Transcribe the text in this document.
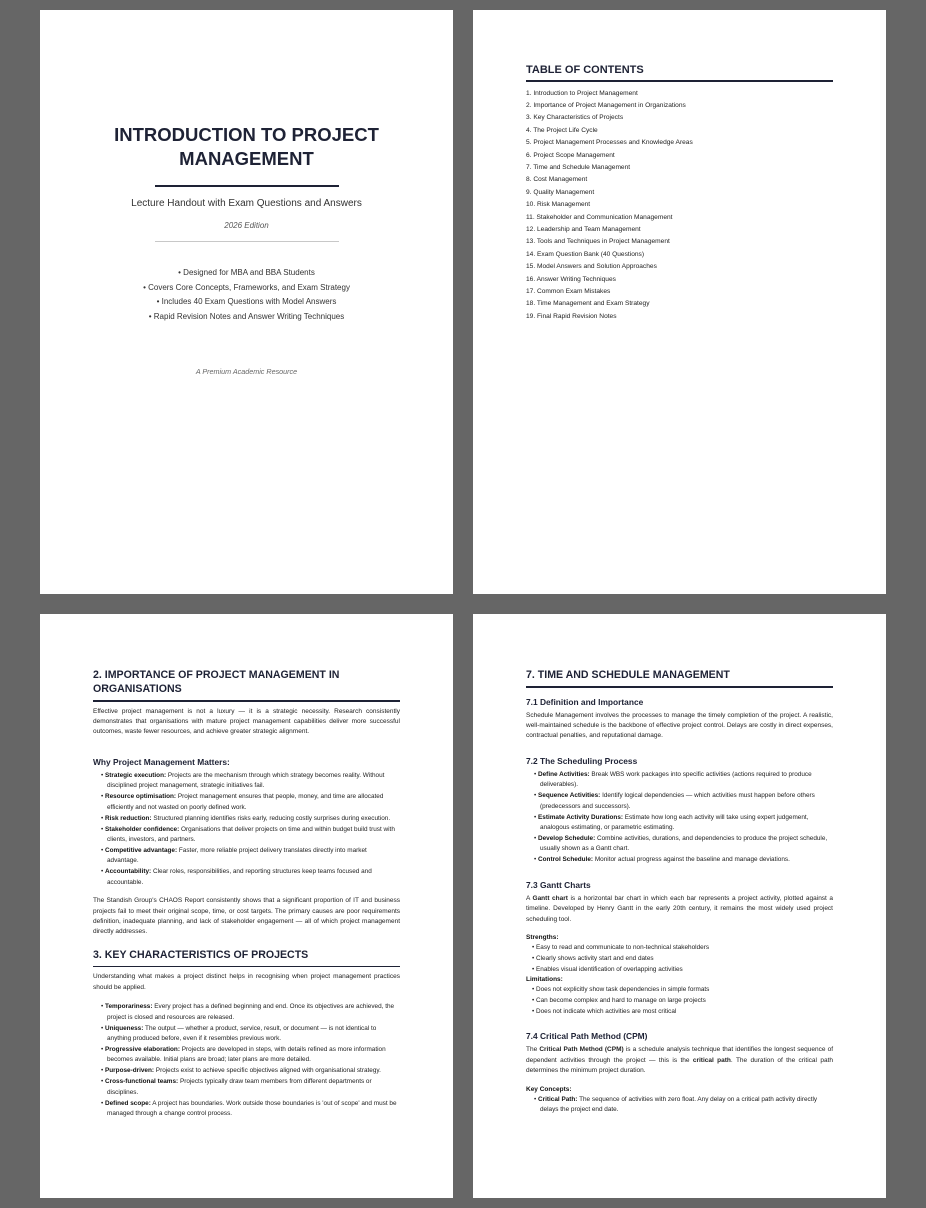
INTRODUCTION TO PROJECT MANAGEMENT
Lecture Handout with Exam Questions and Answers
2026 Edition
• Designed for MBA and BBA Students
• Covers Core Concepts, Frameworks, and Exam Strategy
• Includes 40 Exam Questions with Model Answers
• Rapid Revision Notes and Answer Writing Techniques
A Premium Academic Resource
TABLE OF CONTENTS
1. Introduction to Project Management
2. Importance of Project Management in Organizations
3. Key Characteristics of Projects
4. The Project Life Cycle
5. Project Management Processes and Knowledge Areas
6. Project Scope Management
7. Time and Schedule Management
8. Cost Management
9. Quality Management
10. Risk Management
11. Stakeholder and Communication Management
12. Leadership and Team Management
13. Tools and Techniques in Project Management
14. Exam Question Bank (40 Questions)
15. Model Answers and Solution Approaches
16. Answer Writing Techniques
17. Common Exam Mistakes
18. Time Management and Exam Strategy
19. Final Rapid Revision Notes
2. IMPORTANCE OF PROJECT MANAGEMENT IN ORGANISATIONS

Effective project management is not a luxury — it is a strategic necessity. Research consistently demonstrates that organisations with mature project management capabilities deliver more successful outcomes, waste fewer resources, and achieve greater strategic alignment.

Why Project Management Matters:

• Strategic execution: Projects are the mechanism through which strategy becomes reality. Without disciplined project management, strategic initiatives fail.

• Resource optimisation: Project management ensures that people, money, and time are allocated efficiently and not wasted on poorly defined work.

• Risk reduction: Structured planning identifies risks early, reducing costly surprises during execution.

• Stakeholder confidence: Organisations that deliver projects on time and within budget build trust with clients, investors, and partners.

• Competitive advantage: Faster, more reliable project delivery translates directly into market advantage.

• Accountability: Clear roles, responsibilities, and reporting structures keep teams focused and accountable.

The Standish Group's CHAOS Report consistently shows that a significant proportion of IT and business projects fail to meet their original scope, time, or cost targets. The primary causes are poor requirements definition, inadequate planning, and lack of stakeholder engagement — all of which project management directly addresses.

3. KEY CHARACTERISTICS OF PROJECTS

Understanding what makes a project distinct helps in recognising when project management practices should be applied.

• Temporariness: Every project has a defined beginning and end. Once its objectives are achieved, the project is closed and resources are released.

• Uniqueness: The output — whether a product, service, result, or document — is not identical to anything produced before, even if it resembles previous work.

• Progressive elaboration: Projects are developed in steps, with details refined as more information becomes available. Initial plans are broad; later plans are more detailed.

• Purpose-driven: Projects exist to achieve specific objectives aligned with organisational strategy.

• Cross-functional teams: Projects typically draw team members from different departments or disciplines.

• Defined scope: A project has boundaries. Work outside those boundaries is 'out of scope' and must be managed through a change control process.

7. TIME AND SCHEDULE MANAGEMENT
7.1 Definition and Importance

Schedule Management involves the processes to manage the timely completion of the project. A realistic, well-maintained schedule is the backbone of effective project control. Delays are costly in direct expenses, contractual penalties, and reputational damage.

7.2 The Scheduling Process

• Define Activities: Break WBS work packages into specific activities (actions required to produce deliverables).

• Sequence Activities: Identify logical dependencies — which activities must happen before others (predecessors and successors).

• Estimate Activity Durations: Estimate how long each activity will take using expert judgement, analogous estimating, or parametric estimating.

• Develop Schedule: Combine activities, durations, and dependencies to produce the project schedule, usually shown as a Gantt chart.

• Control Schedule: Monitor actual progress against the baseline and manage deviations.

7.3 Gantt Charts

A Gantt chart is a horizontal bar chart in which each bar represents a project activity, plotted against a timeline. Developed by Henry Gantt in the early 20th century, it remains the most widely used project scheduling tool.

Strengths:

• Easy to read and communicate to non-technical stakeholders

• Clearly shows activity start and end dates

• Enables visual identification of overlapping activities

Limitations:

• Does not explicitly show task dependencies in simple formats

• Can become complex and hard to manage on large projects

• Does not indicate which activities are most critical

7.4 Critical Path Method (CPM)

The Critical Path Method (CPM) is a schedule analysis technique that identifies the longest sequence of dependent activities through the project — this is the critical path. The duration of the critical path determines the minimum project duration.

Key Concepts:

• Critical Path: The sequence of activities with zero float. Any delay on a critical path activity directly delays the project end date.
